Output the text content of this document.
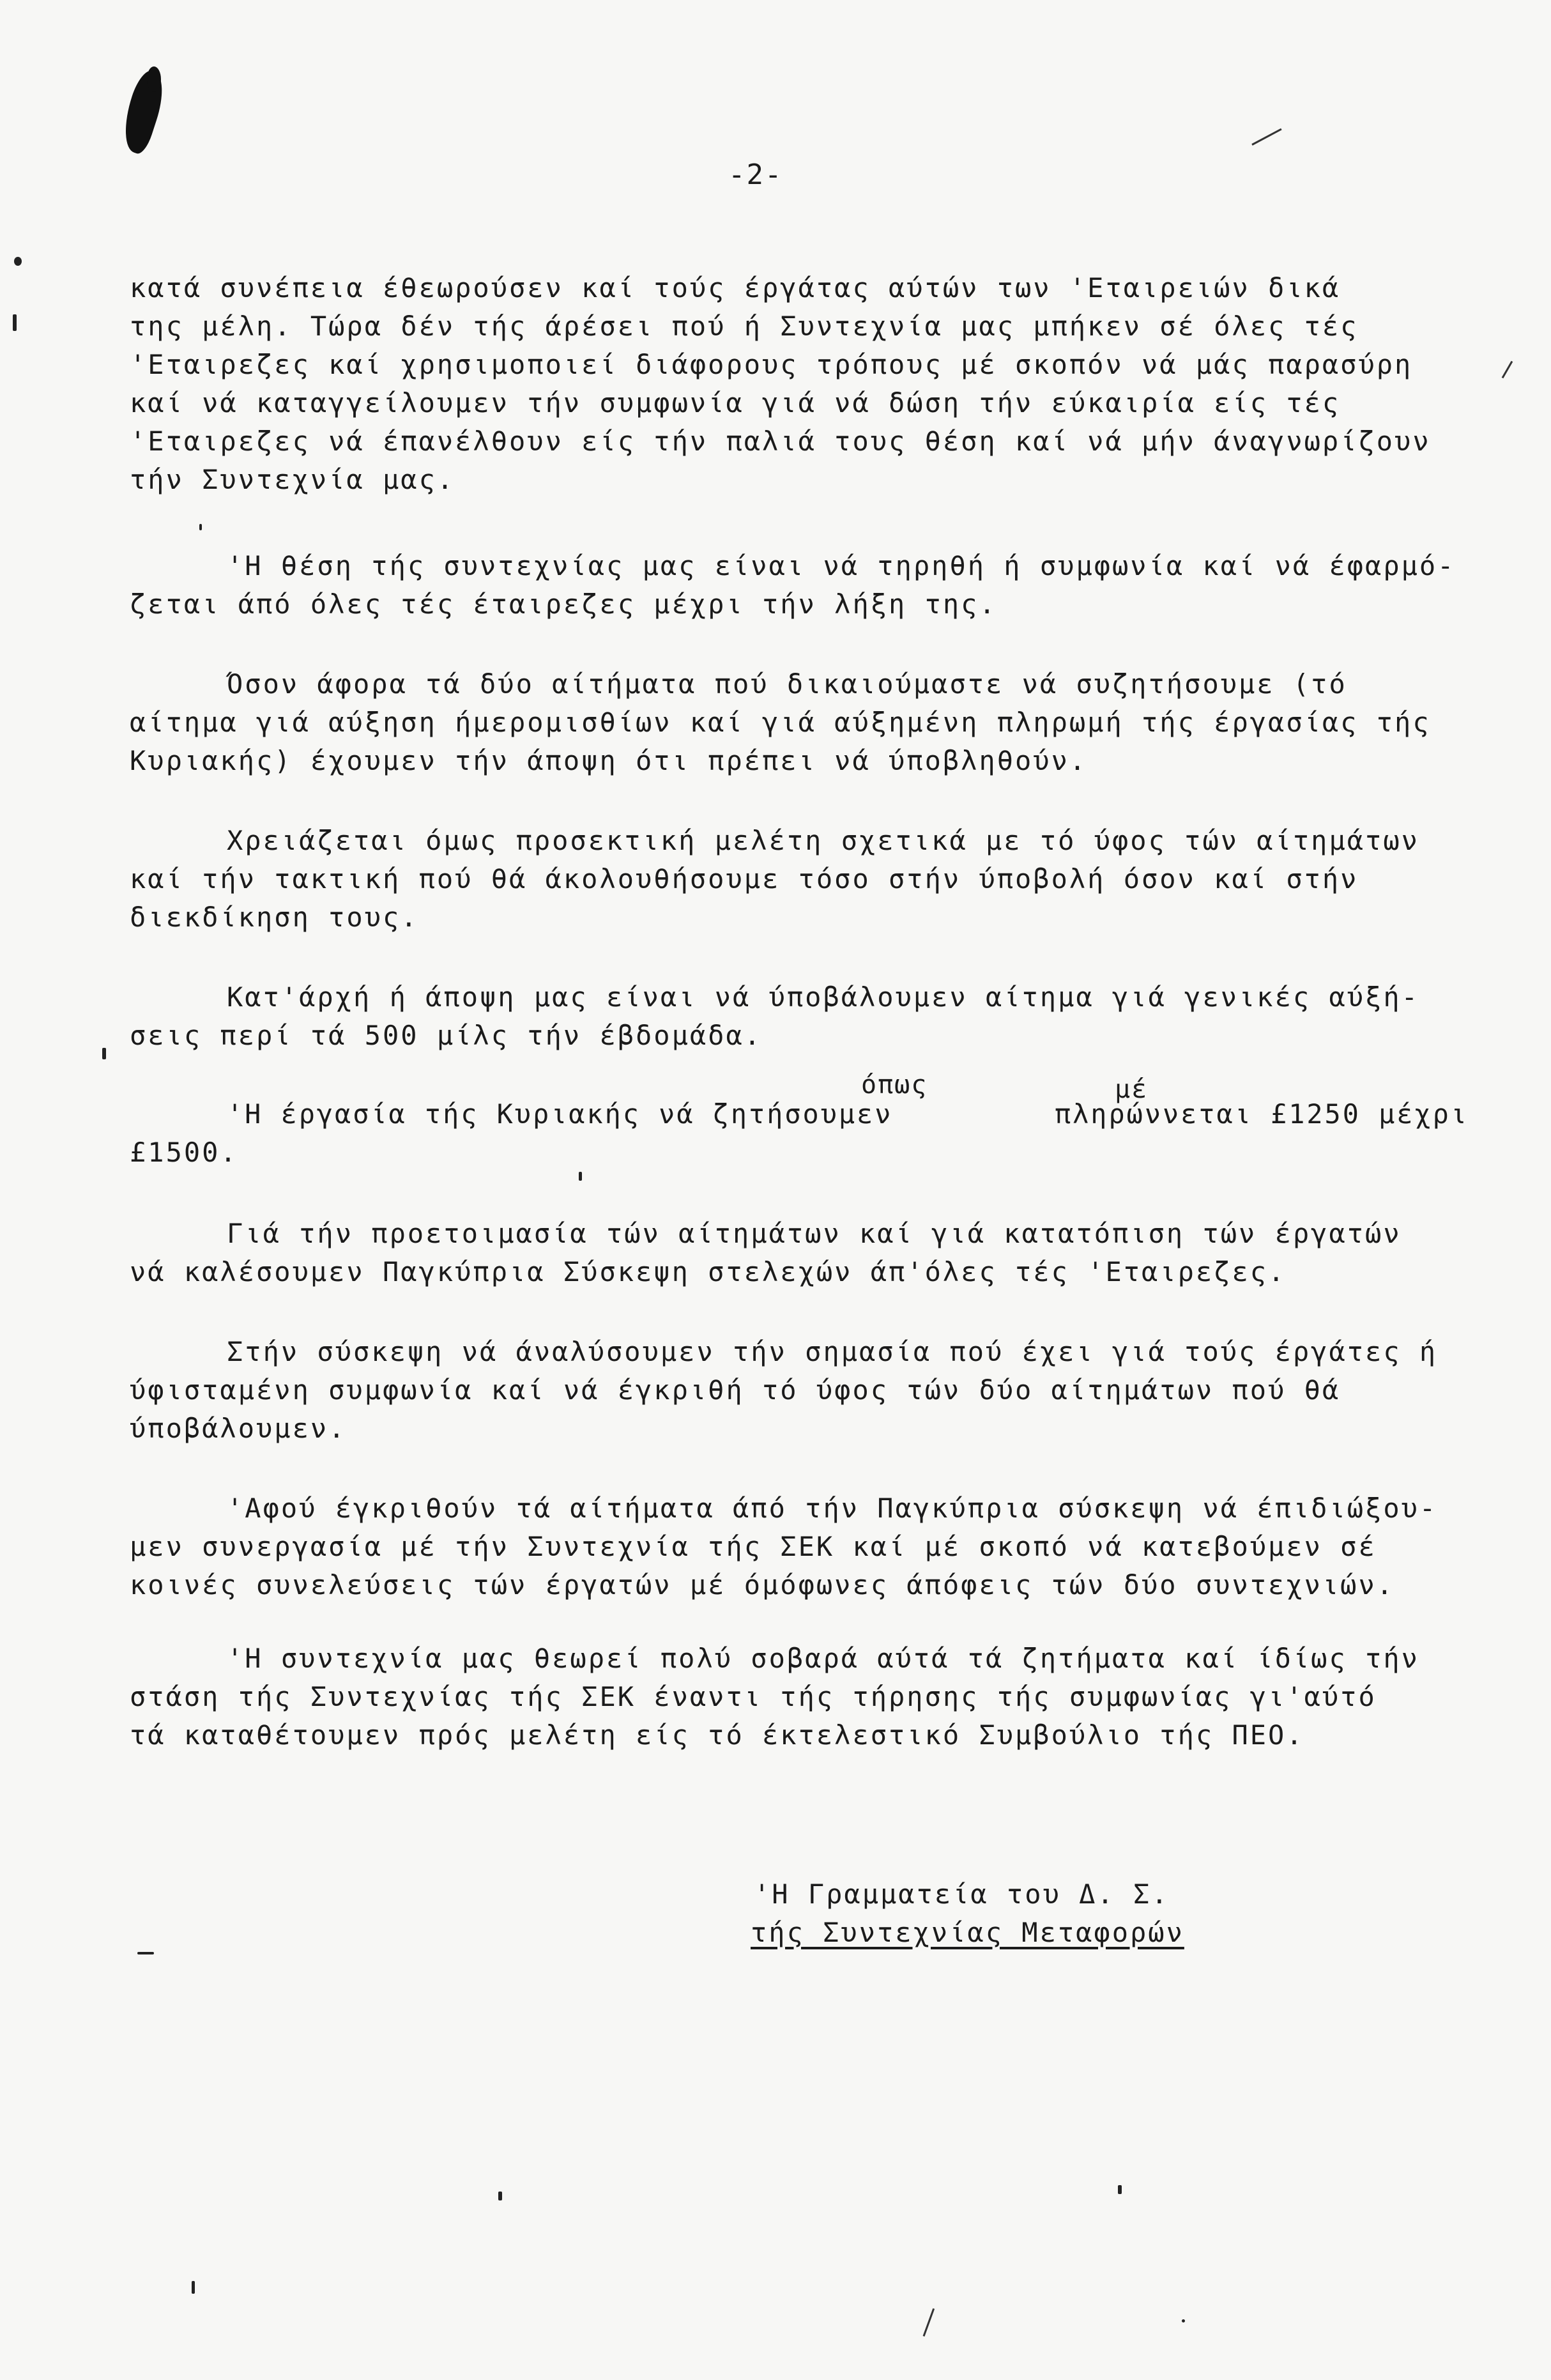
-2-
κατά συνέπεια έθεωρούσεν καί τούς έργάτας αύτών των 'Εταιρειών δικά
της μέλη. Τώρα δέν τής άρέσει πού ή Συντεχνία μας μπήκεν σέ όλες τές
'Εταιρεζες καί χρησιμοποιεί διάφορους τρόπους μέ σκοπόν νά μάς παρασύρη
καί νά καταγγείλουμεν τήν συμφωνία γιά νά δώση τήν εύκαιρία είς τές
'Εταιρεζες νά έπανέλθουν είς τήν παλιά τους θέση καί νά μήν άναγνωρίζουν
τήν Συντεχνία μας.
'Η θέση τής συντεχνίας μας είναι νά τηρηθή ή συμφωνία καί νά έφαρμό-
ζεται άπό όλες τές έταιρεζες μέχρι τήν λήξη της.
Όσον άφορα τά δύο αίτήματα πού δικαιούμαστε νά συζητήσουμε (τό
αίτημα γιά αύξηση ήμερομισθίων καί γιά αύξημένη πληρωμή τής έργασίας τής
Κυριακής) έχουμεν τήν άποψη ότι πρέπει νά ύποβληθούν.
Χρειάζεται όμως προσεκτική μελέτη σχετικά με τό ύφος τών αίτημάτων
καί τήν τακτική πού θά άκολουθήσουμε τόσο στήν ύποβολή όσον καί στήν
διεκδίκηση τους.
Κατ'άρχή ή άποψη μας είναι νά ύποβάλουμεν αίτημα γιά γενικές αύξή-
σεις περί τά 500 μίλς τήν έβδομάδα.
όπως	μέ
'Η έργασία τής Κυριακής νά ζητήσουμεν         πληρώννεται £1250 μέχρι
£1500.
Γιά τήν προετοιμασία τών αίτημάτων καί γιά κατατόπιση τών έργατών
νά καλέσουμεν Παγκύπρια Σύσκεψη στελεχών άπ'όλες τές 'Εταιρεζες.
Στήν σύσκεψη νά άναλύσουμεν τήν σημασία πού έχει γιά τούς έργάτες ή
ύφισταμένη συμφωνία καί νά έγκριθή τό ύφος τών δύο αίτημάτων πού θά
ύποβάλουμεν.
'Αφού έγκριθούν τά αίτήματα άπό τήν Παγκύπρια σύσκεψη νά έπιδιώξου-
μεν συνεργασία μέ τήν Συντεχνία τής ΣΕΚ καί μέ σκοπό νά κατεβούμεν σέ
κοινές συνελεύσεις τών έργατών μέ όμόφωνες άπόφεις τών δύο συντεχνιών.
'Η συντεχνία μας θεωρεί πολύ σοβαρά αύτά τά ζητήματα καί ίδίως τήν
στάση τής Συντεχνίας τής ΣΕΚ έναντι τής τήρησης τής συμφωνίας γι'αύτό
τά καταθέτουμεν πρός μελέτη είς τό έκτελεστικό Συμβούλιο τής ΠΕΟ.
'Η Γραμματεία του Δ. Σ.
τής Συντεχνίας Μεταφορών
